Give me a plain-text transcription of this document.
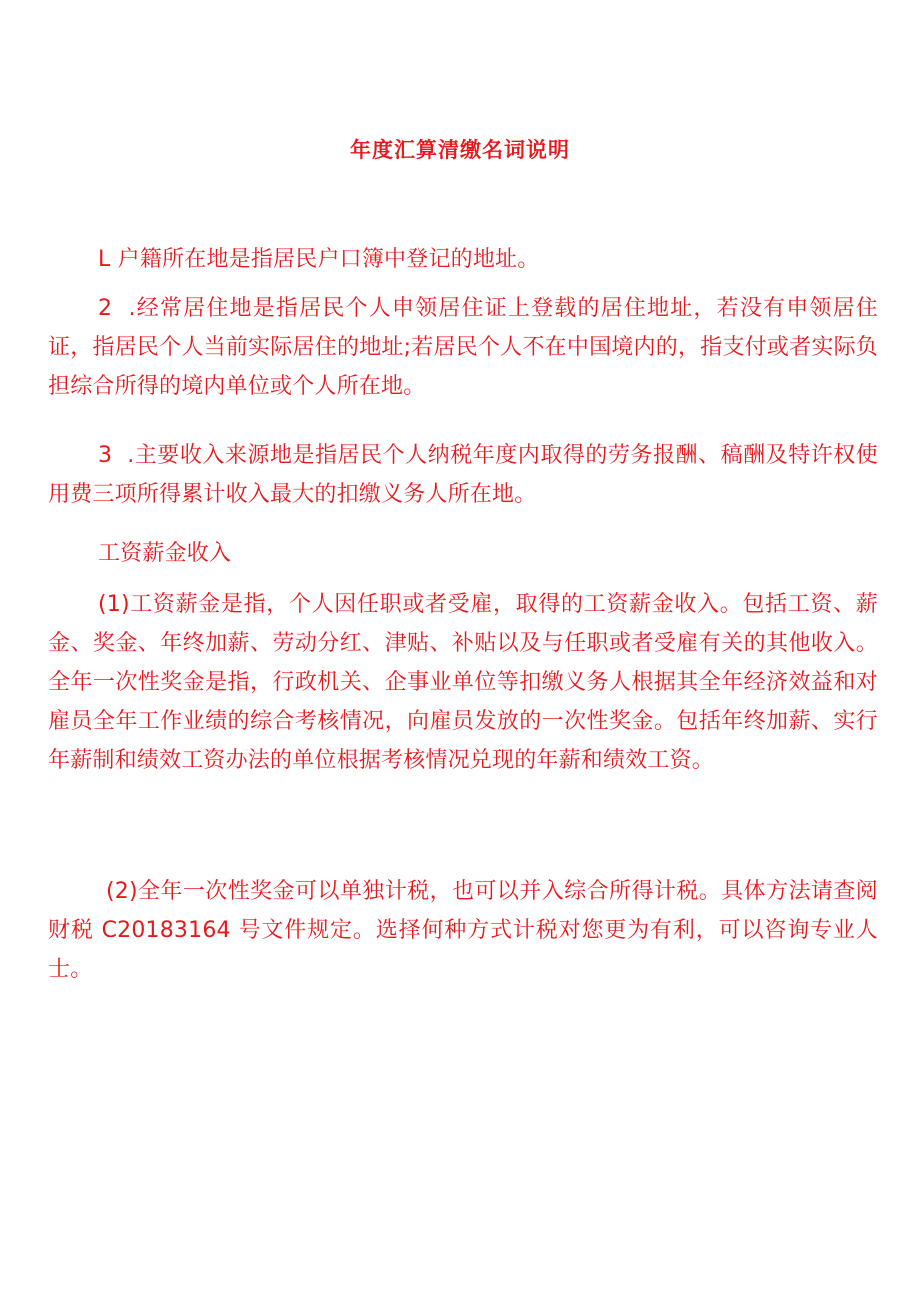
年度汇算清缴名词说明

L 户籍所在地是指居民户口簿中登记的地址。

2  .经常居住地是指居民个人申领居住证上登载的居住地址，若没有申领居住证，指居民个人当前实际居住的地址;若居民个人不在中国境内的，指支付或者实际负担综合所得的境内单位或个人所在地。

3  .主要收入来源地是指居民个人纳税年度内取得的劳务报酬、稿酬及特许权使用费三项所得累计收入最大的扣缴义务人所在地。

工资薪金收入

(1)工资薪金是指，个人因任职或者受雇，取得的工资薪金收入。包括工资、薪金、奖金、年终加薪、劳动分红、津贴、补贴以及与任职或者受雇有关的其他收入。全年一次性奖金是指，行政机关、企事业单位等扣缴义务人根据其全年经济效益和对雇员全年工作业绩的综合考核情况，向雇员发放的一次性奖金。包括年终加薪、实行年薪制和绩效工资办法的单位根据考核情况兑现的年薪和绩效工资。

(2)全年一次性奖金可以单独计税，也可以并入综合所得计税。具体方法请查阅财税 C20183164 号文件规定。选择何种方式计税对您更为有利，可以咨询专业人士。
